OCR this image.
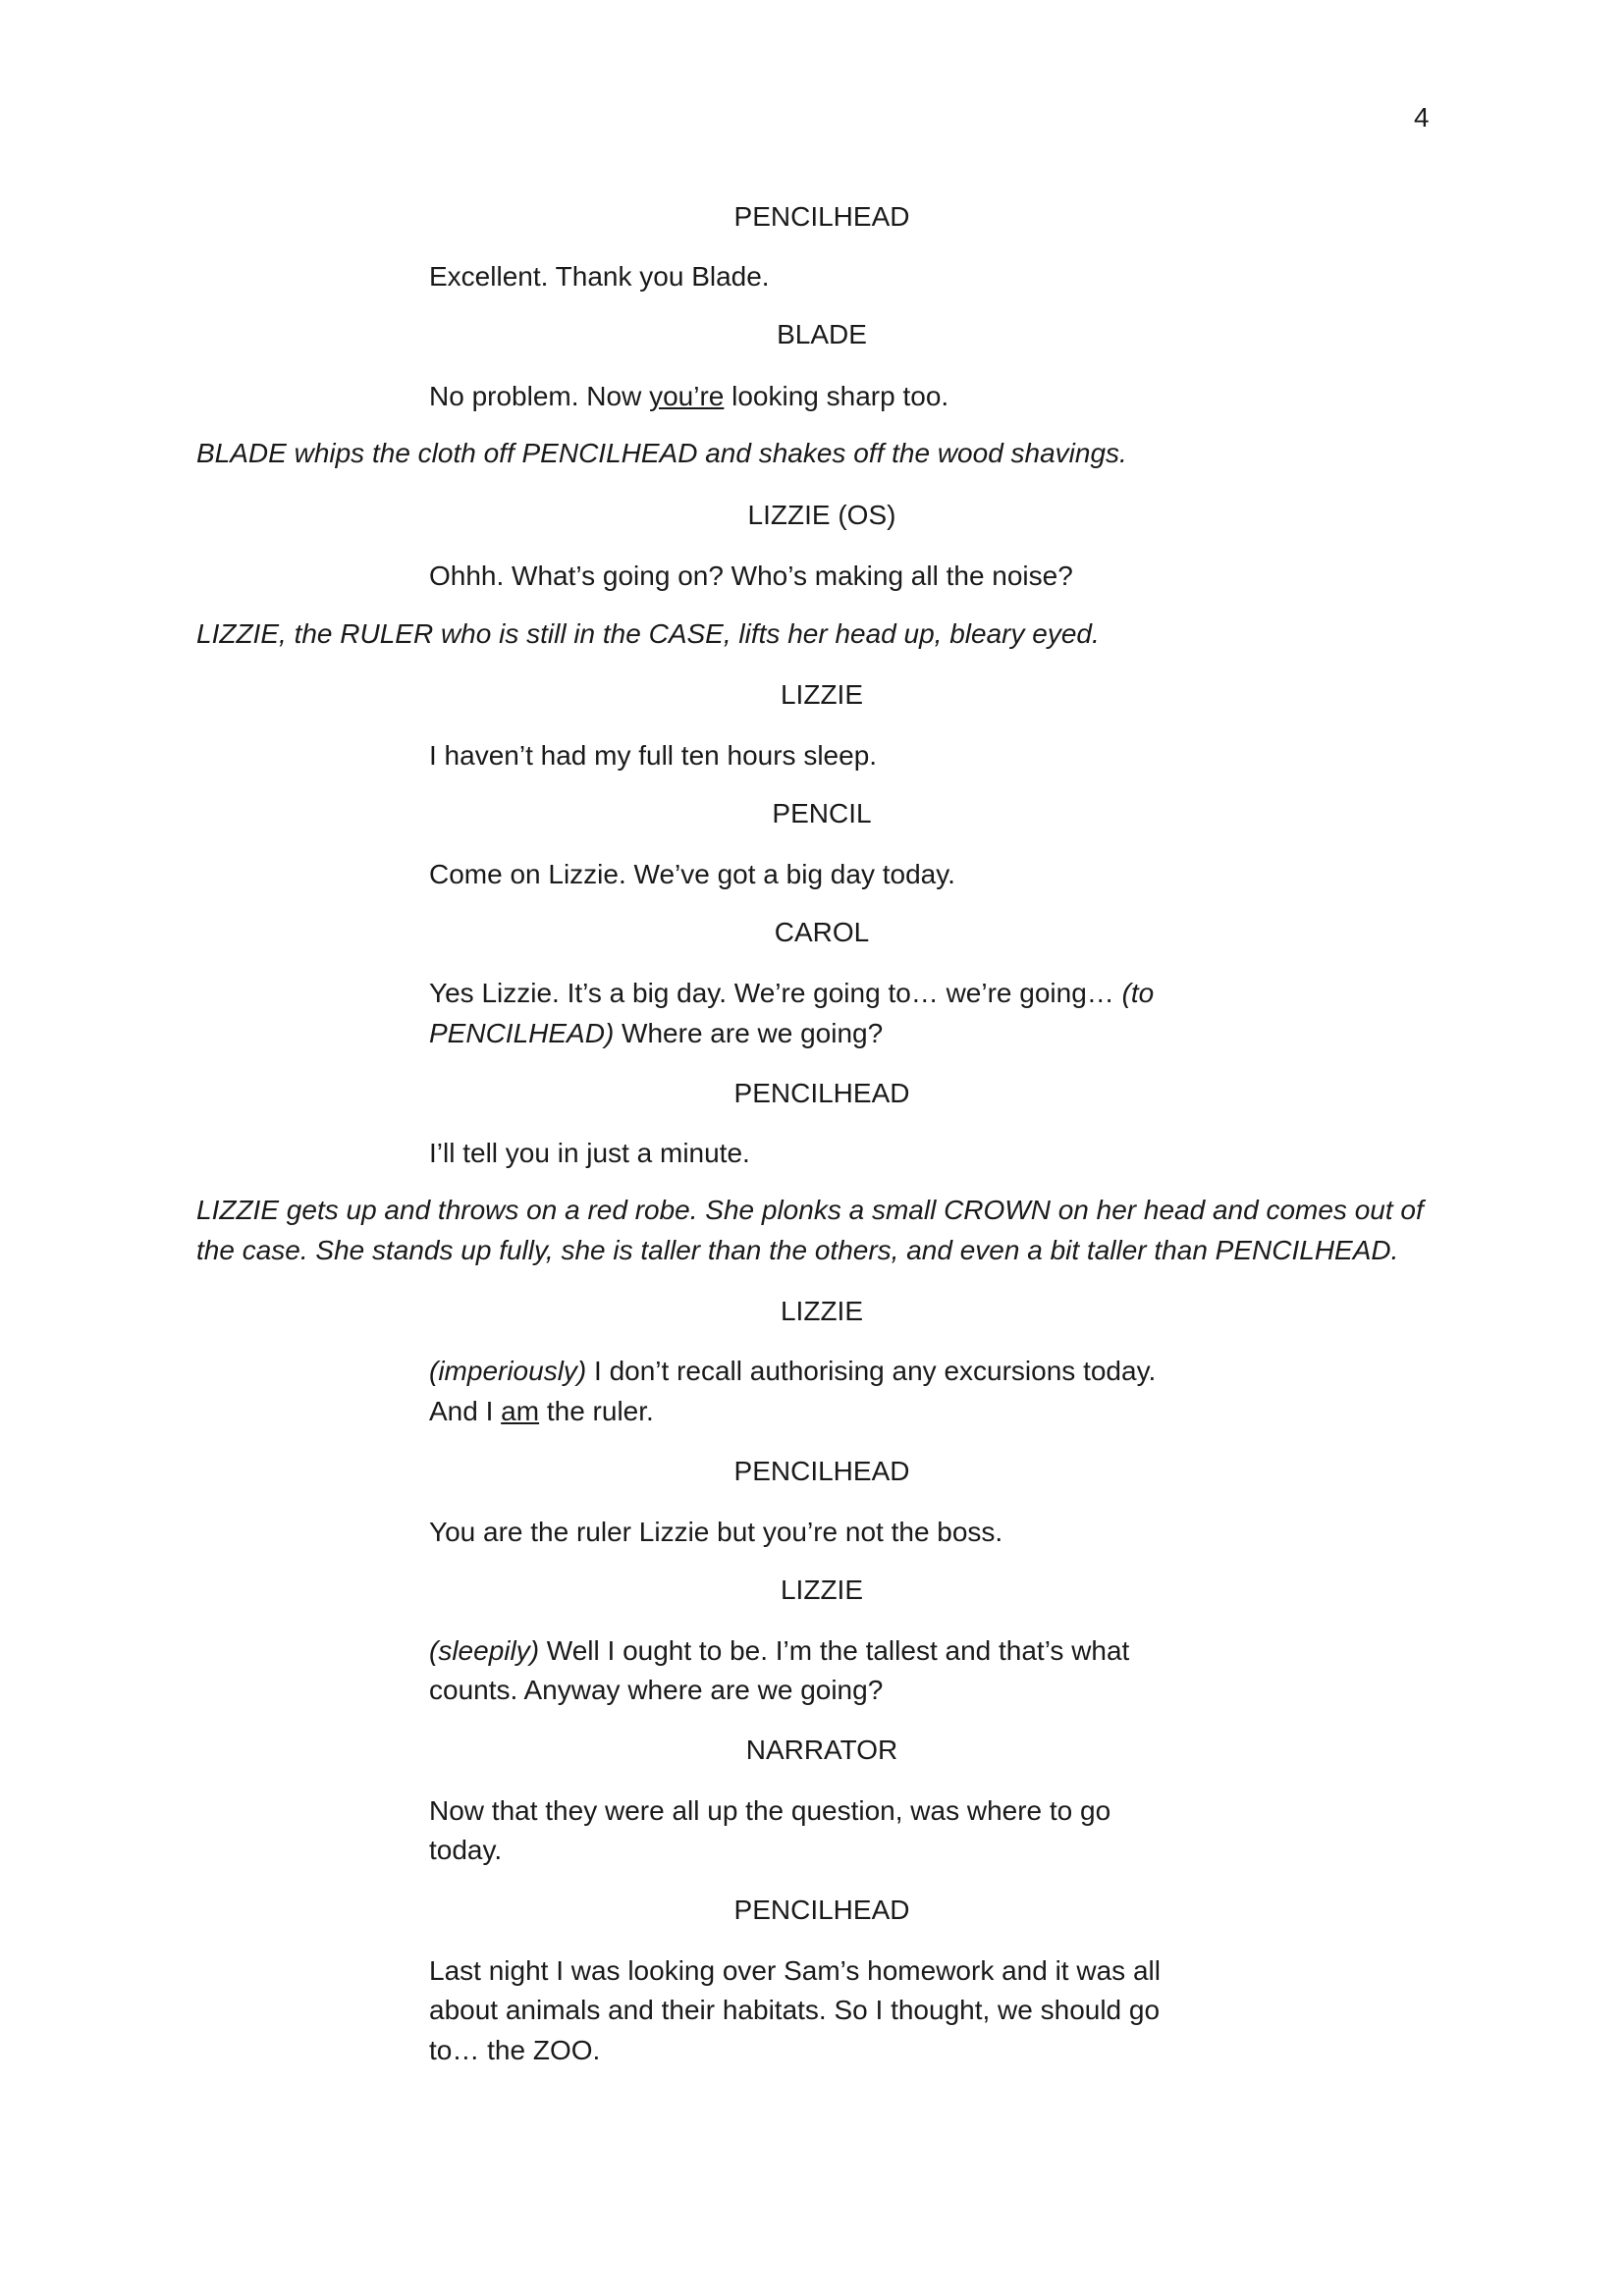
4
PENCILHEAD
Excellent. Thank you Blade.
BLADE
No problem. Now you’re looking sharp too.
BLADE whips the cloth off PENCILHEAD and shakes off the wood shavings.
LIZZIE (OS)
Ohhh. What’s going on? Who’s making all the noise?
LIZZIE, the RULER who is still in the CASE, lifts her head up, bleary eyed.
LIZZIE
I haven’t had my full ten hours sleep.
PENCIL
Come on Lizzie. We’ve got a big day today.
CAROL
Yes Lizzie. It’s a big day. We’re going to… we’re going… (to
PENCILHEAD) Where are we going?
PENCILHEAD
I’ll tell you in just a minute.
LIZZIE gets up and throws on a red robe. She plonks a small CROWN on her head and comes out of
the case. She stands up fully, she is taller than the others, and even a bit taller than PENCILHEAD.
LIZZIE
(imperiously) I don’t recall authorising any excursions today.
And I am the ruler.
PENCILHEAD
You are the ruler Lizzie but you’re not the boss.
LIZZIE
(sleepily) Well I ought to be. I’m the tallest and that’s what
counts. Anyway where are we going?
NARRATOR
Now that they were all up the question, was where to go
today.
PENCILHEAD
Last night I was looking over Sam’s homework and it was all
about animals and their habitats. So I thought, we should go
to… the ZOO.
